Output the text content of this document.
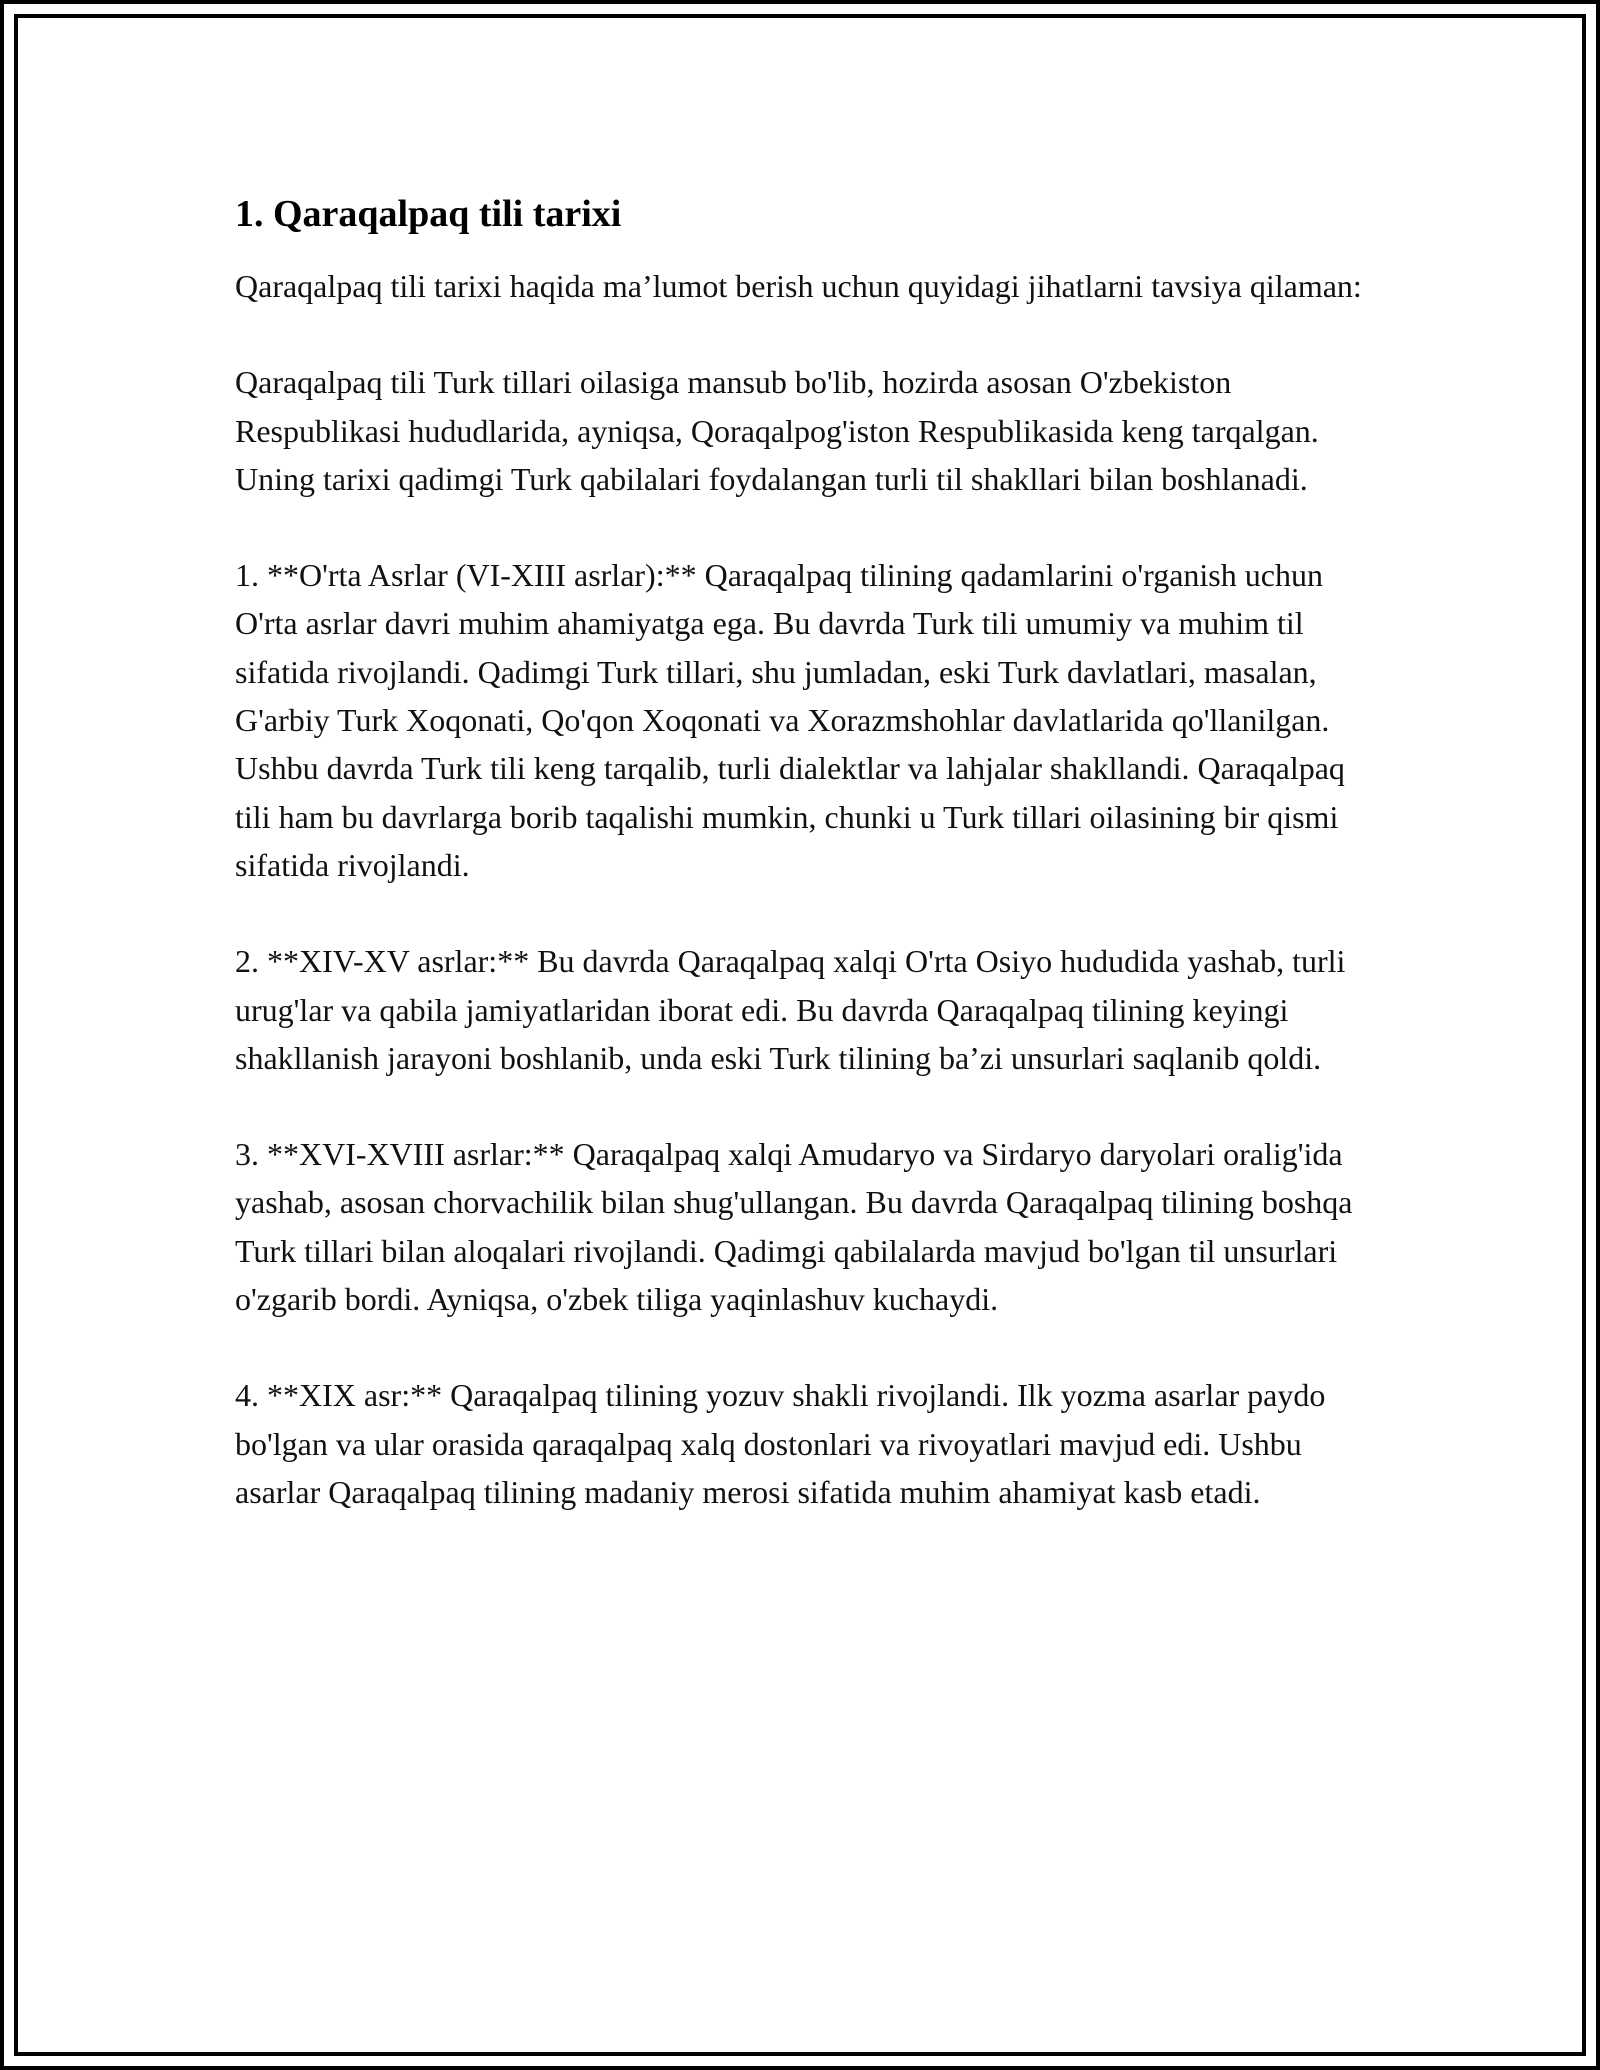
1. Qaraqalpaq tili tarixi

Qaraqalpaq tili tarixi haqida ma’lumot berish uchun quyidagi jihatlarni tavsiya qilaman:

Qaraqalpaq tili Turk tillari oilasiga mansub bo'lib, hozirda asosan O'zbekiston Respublikasi hududlarida, ayniqsa, Qoraqalpog'iston Respublikasida keng tarqalgan. Uning tarixi qadimgi Turk qabilalari foydalangan turli til shakllari bilan boshlanadi.

1. **O'rta Asrlar (VI-XIII asrlar):** Qaraqalpaq tilining qadamlarini o'rganish uchun O'rta asrlar davri muhim ahamiyatga ega. Bu davrda Turk tili umumiy va muhim til sifatida rivojlandi. Qadimgi Turk tillari, shu jumladan, eski Turk davlatlari, masalan, G'arbiy Turk Xoqonati, Qo'qon Xoqonati va Xorazmshohlar davlatlarida qo'llanilgan. Ushbu davrda Turk tili keng tarqalib, turli dialektlar va lahjalar shakllandi. Qaraqalpaq tili ham bu davrlarga borib taqalishi mumkin, chunki u Turk tillari oilasining bir qismi sifatida rivojlandi.

2. **XIV-XV asrlar:** Bu davrda Qaraqalpaq xalqi O'rta Osiyo hududida yashab, turli urug'lar va qabila jamiyatlaridan iborat edi. Bu davrda Qaraqalpaq tilining keyingi shakllanish jarayoni boshlanib, unda eski Turk tilining ba’zi unsurlari saqlanib qoldi.

3. **XVI-XVIII asrlar:** Qaraqalpaq xalqi Amudaryo va Sirdaryo daryolari oralig'ida yashab, asosan chorvachilik bilan shug'ullangan. Bu davrda Qaraqalpaq tilining boshqa Turk tillari bilan aloqalari rivojlandi. Qadimgi qabilalarda mavjud bo'lgan til unsurlari o'zgarib bordi. Ayniqsa, o'zbek tiliga yaqinlashuv kuchaydi.

4. **XIX asr:** Qaraqalpaq tilining yozuv shakli rivojlandi. Ilk yozma asarlar paydo bo'lgan va ular orasida qaraqalpaq xalq dostonlari va rivoyatlari mavjud edi. Ushbu asarlar Qaraqalpaq tilining madaniy merosi sifatida muhim ahamiyat kasb etadi.
